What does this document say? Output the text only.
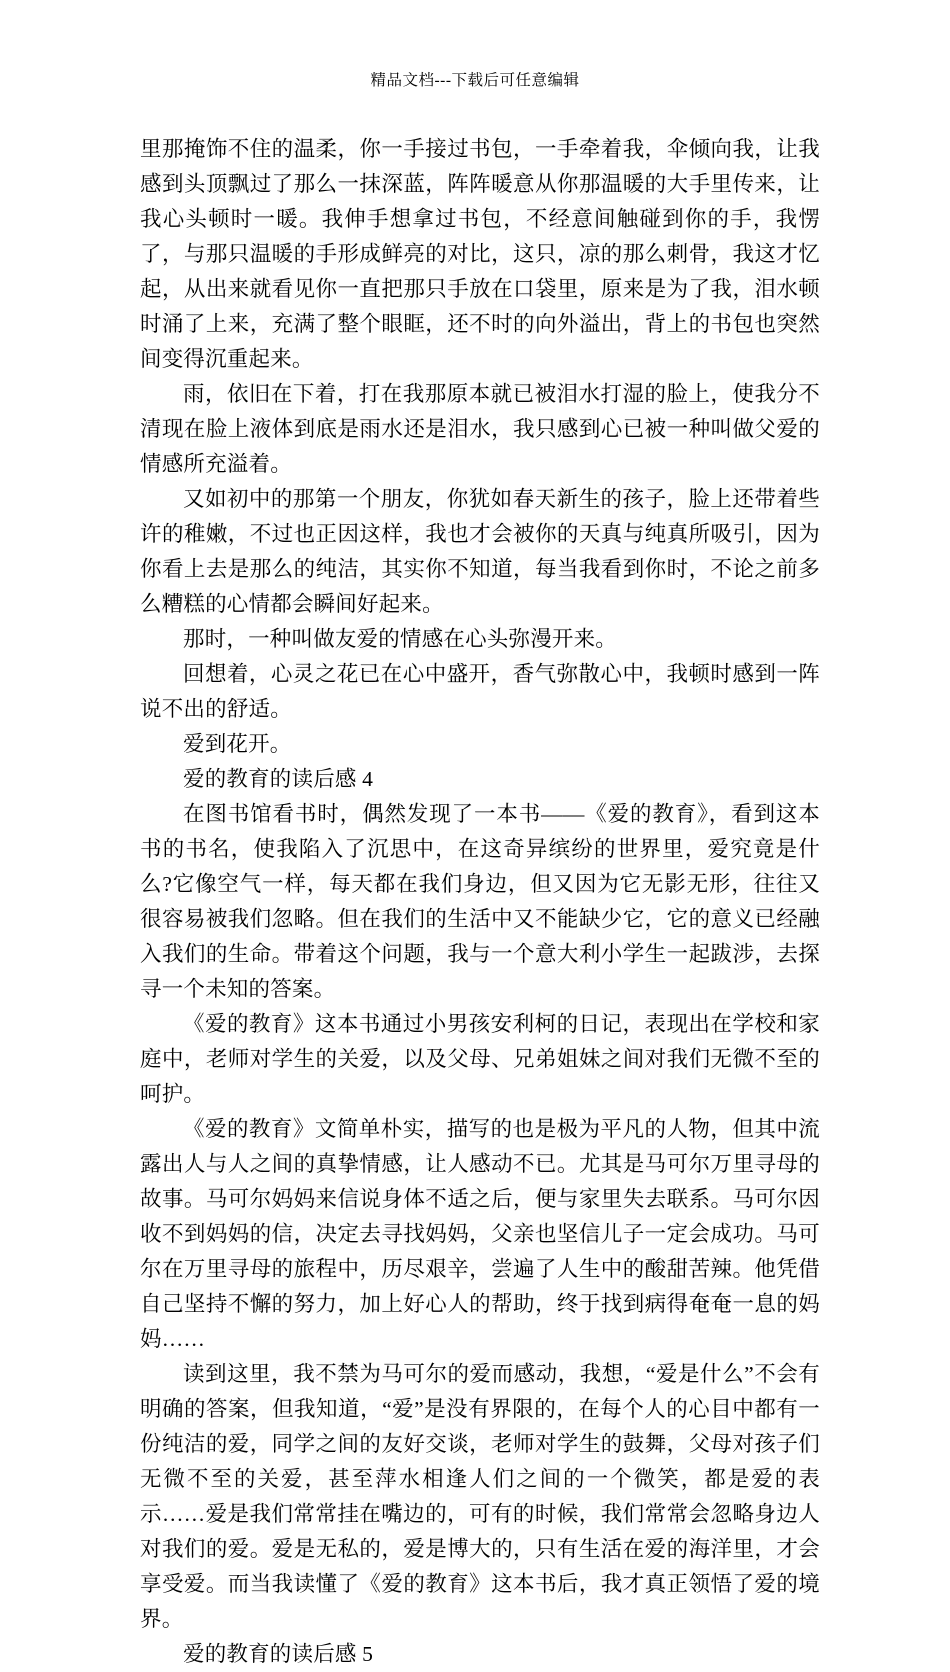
精品文档---下载后可任意编辑

里那掩饰不住的温柔，你一手接过书包，一手牵着我，伞倾向我，让我感到头顶飘过了那么一抹深蓝，阵阵暖意从你那温暖的大手里传来，让我心头顿时一暖。我伸手想拿过书包，不经意间触碰到你的手，我愣了，与那只温暖的手形成鲜亮的对比，这只，凉的那么刺骨，我这才忆起，从出来就看见你一直把那只手放在口袋里，原来是为了我，泪水顿时涌了上来，充满了整个眼眶，还不时的向外溢出，背上的书包也突然间变得沉重起来。

雨，依旧在下着，打在我那原本就已被泪水打湿的脸上，使我分不清现在脸上液体到底是雨水还是泪水，我只感到心已被一种叫做父爱的情感所充溢着。

又如初中的那第一个朋友，你犹如春天新生的孩子，脸上还带着些许的稚嫩，不过也正因这样，我也才会被你的天真与纯真所吸引，因为你看上去是那么的纯洁，其实你不知道，每当我看到你时，不论之前多么糟糕的心情都会瞬间好起来。

那时，一种叫做友爱的情感在心头弥漫开来。

回想着，心灵之花已在心中盛开，香气弥散心中，我顿时感到一阵说不出的舒适。

爱到花开。

爱的教育的读后感 4

在图书馆看书时，偶然发现了一本书——《爱的教育》，看到这本书的书名，使我陷入了沉思中，在这奇异缤纷的世界里，爱究竟是什么?它像空气一样，每天都在我们身边，但又因为它无影无形，往往又很容易被我们忽略。但在我们的生活中又不能缺少它，它的意义已经融入我们的生命。带着这个问题，我与一个意大利小学生一起跋涉，去探寻一个未知的答案。

《爱的教育》这本书通过小男孩安利柯的日记，表现出在学校和家庭中，老师对学生的关爱，以及父母、兄弟姐妹之间对我们无微不至的呵护。

《爱的教育》文简单朴实，描写的也是极为平凡的人物，但其中流露出人与人之间的真挚情感，让人感动不已。尤其是马可尔万里寻母的故事。马可尔妈妈来信说身体不适之后，便与家里失去联系。马可尔因收不到妈妈的信，决定去寻找妈妈，父亲也坚信儿子一定会成功。马可尔在万里寻母的旅程中，历尽艰辛，尝遍了人生中的酸甜苦辣。他凭借自己坚持不懈的努力，加上好心人的帮助，终于找到病得奄奄一息的妈妈……

读到这里，我不禁为马可尔的爱而感动，我想，“爱是什么”不会有明确的答案，但我知道，“爱”是没有界限的，在每个人的心目中都有一份纯洁的爱，同学之间的友好交谈，老师对学生的鼓舞，父母对孩子们无微不至的关爱，甚至萍水相逢人们之间的一个微笑，都是爱的表示……爱是我们常常挂在嘴边的，可有的时候，我们常常会忽略身边人对我们的爱。爱是无私的，爱是博大的，只有生活在爱的海洋里，才会享受爱。而当我读懂了《爱的教育》这本书后，我才真正领悟了爱的境界。

爱的教育的读后感 5
